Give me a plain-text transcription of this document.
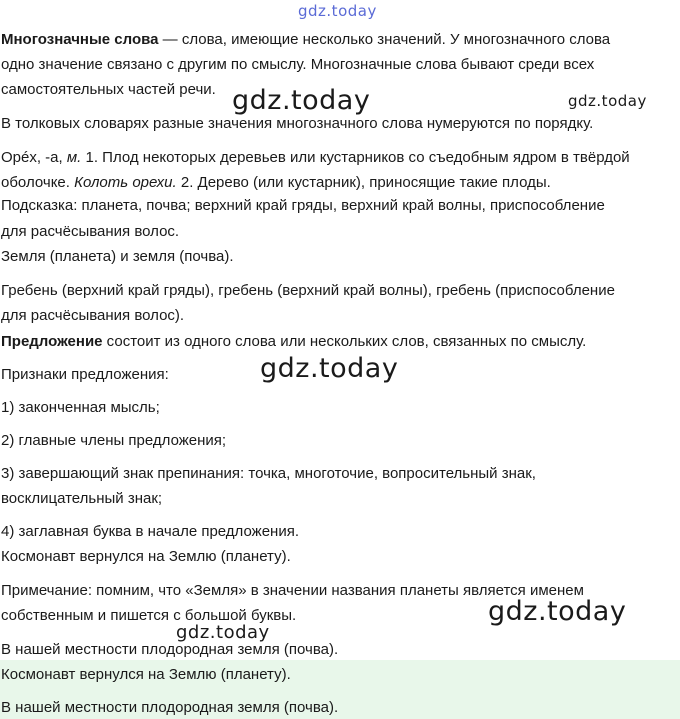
gdz.today
gdz.today	gdz.today
gdz.today
gdz.today
gdz.today
Многозначные слова — слова, имеющие несколько значений. У многозначного слова
одно значение связано с другим по смыслу. Многозначные слова бывают среди всех
самостоятельных частей речи.
В толковых словарях разные значения многозначного слова нумеруются по порядку.
Opéх, -а, м. 1. Плод некоторых деревьев или кустарников со съедобным ядром в твёрдой
оболочке. Колоть орехи. 2. Дерево (или кустарник), приносящие такие плоды.
Подсказка: планета, почва; верхний край гряды, верхний край волны, приспособление
для расчёсывания волос.
Земля (планета) и земля (почва).
Гребень (верхний край гряды), гребень (верхний край волны), гребень (приспособление
для расчёсывания волос).
Предложение состоит из одного слова или нескольких слов, связанных по смыслу.
Признаки предложения:
1) законченная мысль;
2) главные члены предложения;
3) завершающий знак препинания: точка, многоточие, вопросительный знак,
восклицательный знак;
4) заглавная буква в начале предложения.
Космонавт вернулся на Землю (планету).
Примечание: помним, что «Земля» в значении названия планеты является именем
собственным и пишется с большой буквы.
В нашей местности плодородная земля (почва).
Космонавт вернулся на Землю (планету).
В нашей местности плодородная земля (почва).
